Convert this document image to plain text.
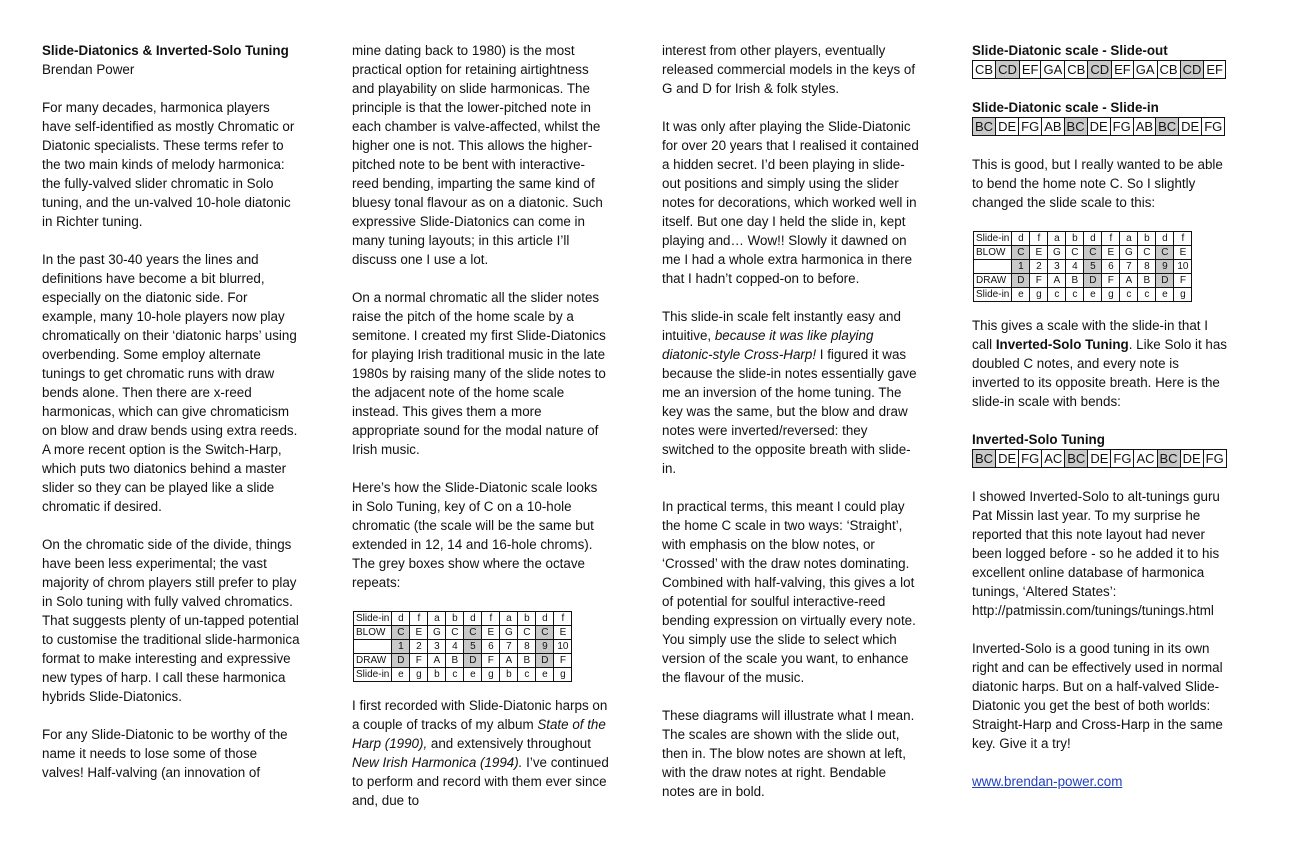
Slide-Diatonics & Inverted-Solo Tuning

Brendan Power

For many decades, harmonica players have self-identified as mostly Chromatic or Diatonic specialists. These terms refer to the two main kinds of melody harmonica: the fully-valved slider chromatic in Solo tuning, and the un-valved 10-hole diatonic in Richter tuning.

In the past 30-40 years the lines and definitions have become a bit blurred, especially on the diatonic side. For example, many 10-hole players now play chromatically on their ‘diatonic harps’ using overbending. Some employ alternate tunings to get chromatic runs with draw bends alone. Then there are x-reed harmonicas, which can give chromaticism on blow and draw bends using extra reeds. A more recent option is the Switch-Harp, which puts two diatonics behind a master slider so they can be played like a slide chromatic if desired.

On the chromatic side of the divide, things have been less experimental; the vast majority of chrom players still prefer to play in Solo tuning with fully valved chromatics. That suggests plenty of un-tapped potential to customise the traditional slide-harmonica format to make interesting and expressive new types of harp. I call these harmonica hybrids Slide-Diatonics.

For any Slide-Diatonic to be worthy of the name it needs to lose some of those valves! Half-valving (an innovation of

mine dating back to 1980) is the most practical option for retaining airtightness and playability on slide harmonicas. The principle is that the lower-pitched note in each chamber is valve-affected, whilst the higher one is not. This allows the higher-pitched note to be bent with interactive-reed bending, imparting the same kind of bluesy tonal flavour as on a diatonic. Such expressive Slide-Diatonics can come in many tuning layouts; in this article I’ll discuss one I use a lot.

On a normal chromatic all the slider notes raise the pitch of the home scale by a semitone. I created my first Slide-Diatonics for playing Irish traditional music in the late 1980s by raising many of the slide notes to the adjacent note of the home scale instead. This gives them a more appropriate sound for the modal nature of Irish music.

Here’s how the Slide-Diatonic scale looks in Solo Tuning, key of C on a 10-hole chromatic (the scale will be the same but extended in 12, 14 and 16-hole chroms). The grey boxes show where the octave repeats:

Slide-in	d	f	a	b	d	f	a	b	d	f
BLOW	C	E	G	C	C	E	G	C	C	E
	1	2	3	4	5	6	7	8	9	10
DRAW	D	F	A	B	D	F	A	B	D	F
Slide-in	e	g	b	c	e	g	b	c	e	g

I first recorded with Slide-Diatonic harps on a couple of tracks of my album State of the Harp (1990), and extensively throughout New Irish Harmonica (1994). I’ve continued to perform and record with them ever since and, due to

interest from other players, eventually released commercial models in the keys of G and D for Irish & folk styles.

It was only after playing the Slide-Diatonic for over 20 years that I realised it contained a hidden secret. I’d been playing in slide-out positions and simply using the slider notes for decorations, which worked well in itself. But one day I held the slide in, kept playing and… Wow!! Slowly it dawned on me I had a whole extra harmonica in there that I hadn’t copped-on to before.

This slide-in scale felt instantly easy and intuitive, because it was like playing diatonic-style Cross-Harp! I figured it was because the slide-in notes essentially gave me an inversion of the home tuning. The key was the same, but the blow and draw notes were inverted/reversed: they switched to the opposite breath with slide-in.

In practical terms, this meant I could play the home C scale in two ways: ‘Straight’, with emphasis on the blow notes, or ‘Crossed’ with the draw notes dominating. Combined with half-valving, this gives a lot of potential for soulful interactive-reed bending expression on virtually every note. You simply use the slide to select which version of the scale you want, to enhance the flavour of the music.

These diagrams will illustrate what I mean. The scales are shown with the slide out, then in. The blow notes are shown at left, with the draw notes at right. Bendable notes are in bold.

Slide-Diatonic scale - Slide-out
CB	CD	EF	GA	CB	CD	EF	GA	CB	CD	EF
Slide-Diatonic scale - Slide-in
BC	DE	FG	AB	BC	DE	FG	AB	BC	DE	FG

This is good, but I really wanted to be able to bend the home note C. So I slightly changed the slide scale to this:

Slide-in	d	f	a	b	d	f	a	b	d	f
BLOW	C	E	G	C	C	E	G	C	C	E
	1	2	3	4	5	6	7	8	9	10
DRAW	D	F	A	B	D	F	A	B	D	F
Slide-in	e	g	c	c	e	g	c	c	e	g

This gives a scale with the slide-in that I call Inverted-Solo Tuning. Like Solo it has doubled C notes, and every note is inverted to its opposite breath. Here is the slide-in scale with bends:

Inverted-Solo Tuning
BC	DE	FG	AC	BC	DE	FG	AC	BC	DE	FG

I showed Inverted-Solo to alt-tunings guru Pat Missin last year. To my surprise he reported that this note layout had never been logged before - so he added it to his excellent online database of harmonica tunings, ‘Altered States’: http://patmissin.com/tunings/tunings.html

Inverted-Solo is a good tuning in its own right and can be effectively used in normal diatonic harps. But on a half-valved Slide-Diatonic you get the best of both worlds: Straight-Harp and Cross-Harp in the same key. Give it a try!

www.brendan-power.com
